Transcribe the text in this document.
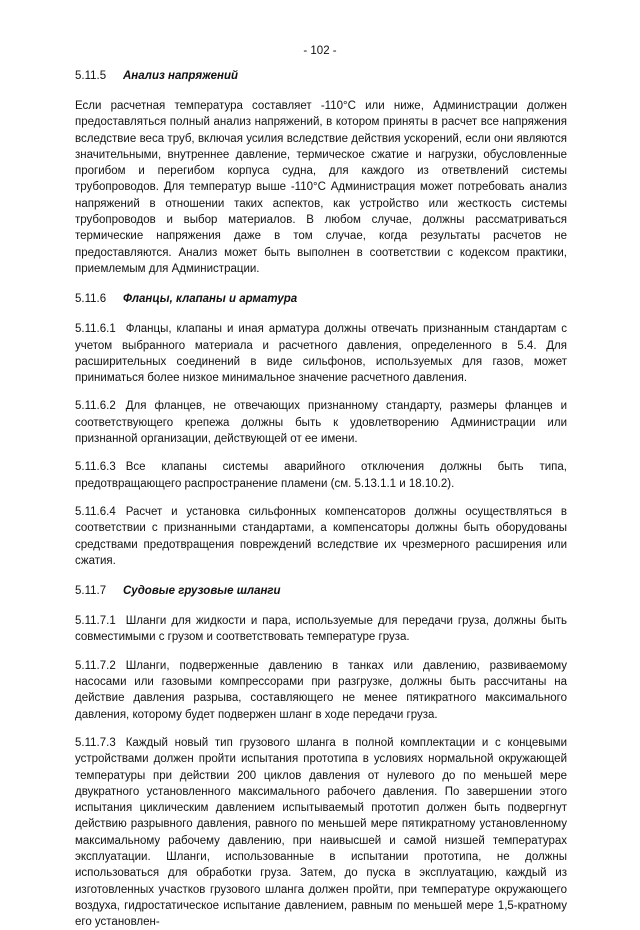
- 102 -
5.11.5 Анализ напряжений

Если расчетная температура составляет -110°С или ниже, Администрации должен предоставляться полный анализ напряжений, в котором приняты в расчет все напряжения вследствие веса труб, включая усилия вследствие действия ускорений, если они являются значительными, внутреннее давление, термическое сжатие и нагрузки, обусловленные прогибом и перегибом корпуса судна, для каждого из ответвлений системы трубопроводов. Для температур выше -110°С Администрация может потребовать анализ напряжений в отношении таких аспектов, как устройство или жесткость системы трубопроводов и выбор материалов. В любом случае, должны рассматриваться термические напряжения даже в том случае, когда результаты расчетов не предоставляются. Анализ может быть выполнен в соответствии с кодексом практики, приемлемым для Администрации.

5.11.6 Фланцы, клапаны и арматура

5.11.6.1 Фланцы, клапаны и иная арматура должны отвечать признанным стандартам с учетом выбранного материала и расчетного давления, определенного в 5.4. Для расширительных соединений в виде сильфонов, используемых для газов, может приниматься более низкое минимальное значение расчетного давления.

5.11.6.2 Для фланцев, не отвечающих признанному стандарту, размеры фланцев и соответствующего крепежа должны быть к удовлетворению Администрации или признанной организации, действующей от ее имени.

5.11.6.3 Все клапаны системы аварийного отключения должны быть типа, предотвращающего распространение пламени (см. 5.13.1.1 и 18.10.2).

5.11.6.4 Расчет и установка сильфонных компенсаторов должны осуществляться в соответствии с признанными стандартами, а компенсаторы должны быть оборудованы средствами предотвращения повреждений вследствие их чрезмерного расширения или сжатия.

5.11.7 Судовые грузовые шланги

5.11.7.1 Шланги для жидкости и пара, используемые для передачи груза, должны быть совместимыми с грузом и соответствовать температуре груза.

5.11.7.2 Шланги, подверженные давлению в танках или давлению, развиваемому насосами или газовыми компрессорами при разгрузке, должны быть рассчитаны на действие давления разрыва, составляющего не менее пятикратного максимального давления, которому будет подвержен шланг в ходе передачи груза.

5.11.7.3 Каждый новый тип грузового шланга в полной комплектации и с концевыми устройствами должен пройти испытания прототипа в условиях нормальной окружающей температуры при действии 200 циклов давления от нулевого до по меньшей мере двукратного установленного максимального рабочего давления. По завершении этого испытания циклическим давлением испытываемый прототип должен быть подвергнут действию разрывного давления, равного по меньшей мере пятикратному установленному максимальному рабочему давлению, при наивысшей и самой низшей температурах эксплуатации. Шланги, использованные в испытании прототипа, не должны использоваться для обработки груза. Затем, до пуска в эксплуатацию, каждый из изготовленных участков грузового шланга должен пройти, при температуре окружающего воздуха, гидростатическое испытание давлением, равным по меньшей мере 1,5-кратному его установлен-
